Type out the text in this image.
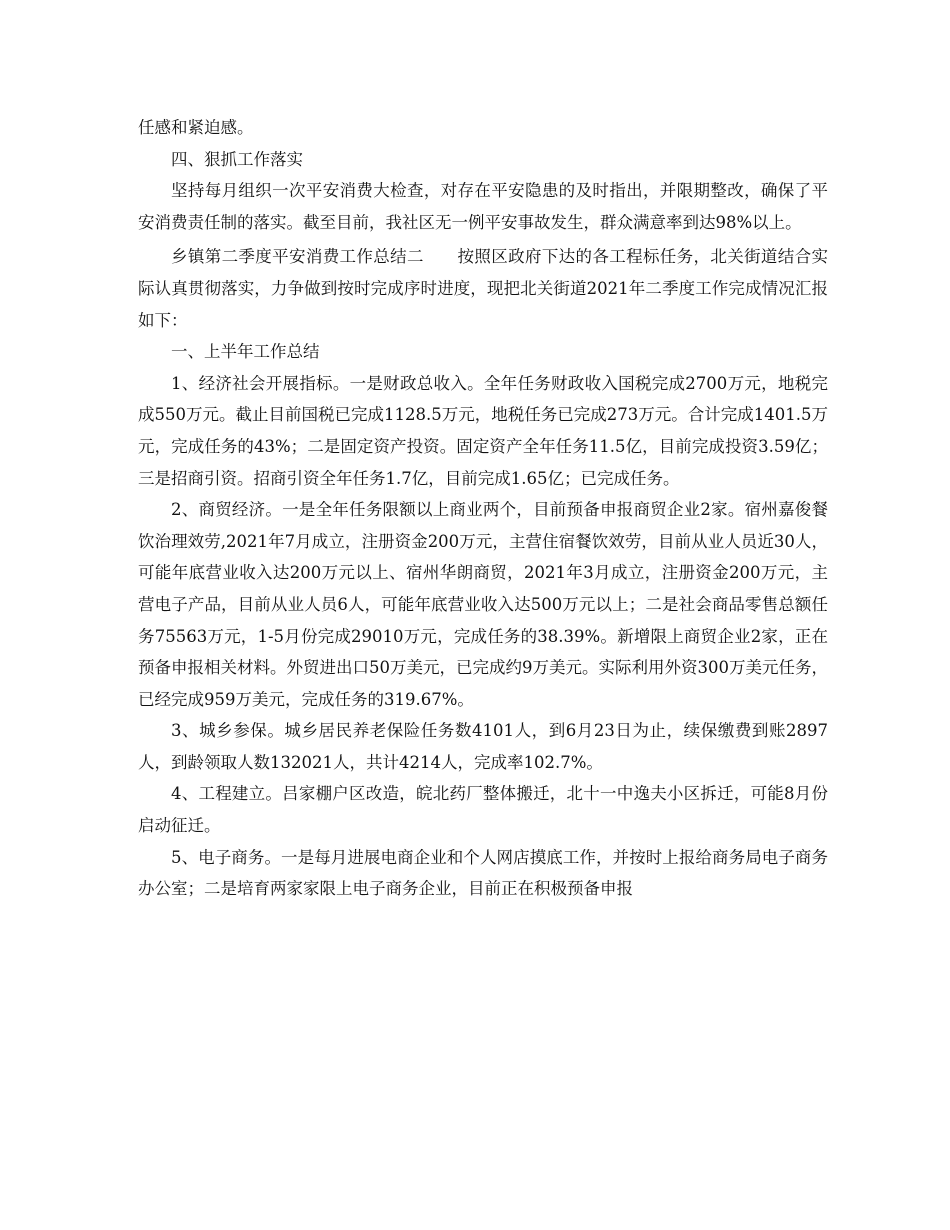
任感和紧迫感。

四、狠抓工作落实

坚持每月组织一次平安消费大检查，对存在平安隐患的及时指出，并限期整改，确保了平安消费责任制的落实。截至目前，我社区无一例平安事故发生，群众满意率到达98%以上。

乡镇第二季度平安消费工作总结二　　按照区政府下达的各工程标任务，北关街道结合实际认真贯彻落实，力争做到按时完成序时进度，现把北关街道2021年二季度工作完成情况汇报如下：

一、上半年工作总结

1、经济社会开展指标。一是财政总收入。全年任务财政收入国税完成2700万元，地税完成550万元。截止目前国税已完成1128.5万元，地税任务已完成273万元。合计完成1401.5万元，完成任务的43%；二是固定资产投资。固定资产全年任务11.5亿，目前完成投资3.59亿；三是招商引资。招商引资全年任务1.7亿，目前完成1.65亿；已完成任务。

2、商贸经济。一是全年任务限额以上商业两个，目前预备申报商贸企业2家。宿州嘉俊餐饮治理效劳,2021年7月成立，注册资金200万元，主营住宿餐饮效劳，目前从业人员近30人，可能年底营业收入达200万元以上、宿州华朗商贸，2021年3月成立，注册资金200万元，主营电子产品，目前从业人员6人，可能年底营业收入达500万元以上；二是社会商品零售总额任务75563万元，1-5月份完成29010万元，完成任务的38.39%。新增限上商贸企业2家，正在预备申报相关材料。外贸进出口50万美元，已完成约9万美元。实际利用外资300万美元任务，已经完成959万美元，完成任务的319.67%。

3、城乡参保。城乡居民养老保险任务数4101人，到6月23日为止，续保缴费到账2897人，到龄领取人数132021人，共计4214人，完成率102.7%。

4、工程建立。吕家棚户区改造，皖北药厂整体搬迁，北十一中逸夫小区拆迁，可能8月份启动征迁。

5、电子商务。一是每月进展电商企业和个人网店摸底工作，并按时上报给商务局电子商务办公室；二是培育两家家限上电子商务企业，目前正在积极预备申报
